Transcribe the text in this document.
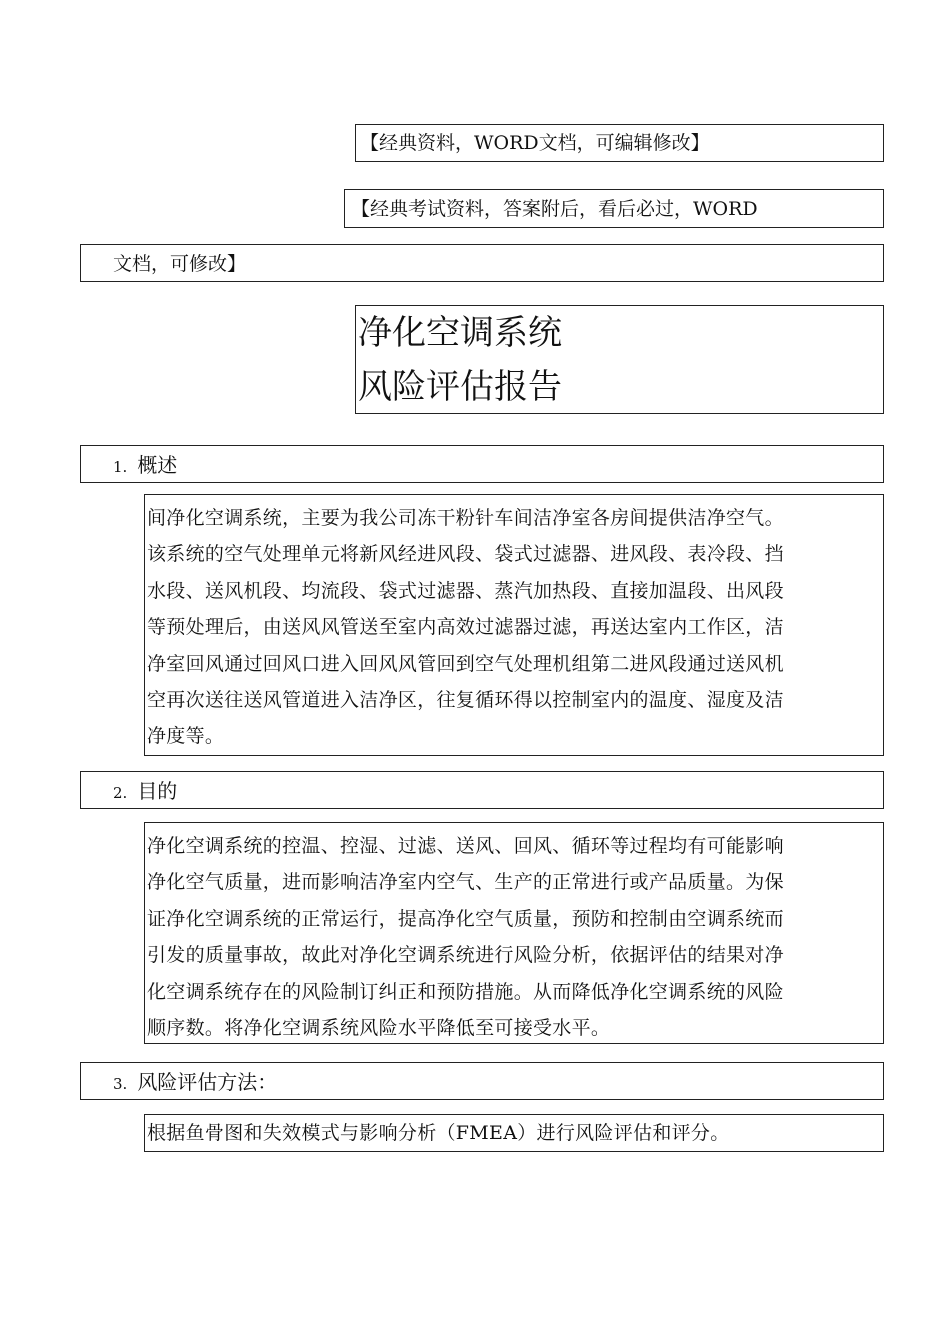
【经典资料，WORD文档，可编辑修改】
【经典考试资料，答案附后，看后必过，WORD
文档，可修改】
净化空调系统
风险评估报告
1. 概述
间净化空调系统，主要为我公司冻干粉针车间洁净室各房间提供洁净空气。
该系统的空气处理单元将新风经进风段、袋式过滤器、进风段、表冷段、挡
水段、送风机段、均流段、袋式过滤器、蒸汽加热段、直接加温段、出风段
等预处理后，由送风风管送至室内高效过滤器过滤，再送达室内工作区，洁
净室回风通过回风口进入回风风管回到空气处理机组第二进风段通过送风机
空再次送往送风管道进入洁净区，往复循环得以控制室内的温度、湿度及洁
净度等。
2. 目的
净化空调系统的控温、控湿、过滤、送风、回风、循环等过程均有可能影响
净化空气质量，进而影响洁净室内空气、生产的正常进行或产品质量。为保
证净化空调系统的正常运行，提高净化空气质量，预防和控制由空调系统而
引发的质量事故，故此对净化空调系统进行风险分析，依据评估的结果对净
化空调系统存在的风险制订纠正和预防措施。从而降低净化空调系统的风险
顺序数。将净化空调系统风险水平降低至可接受水平。
3. 风险评估方法：
根据鱼骨图和失效模式与影响分析（FMEA）进行风险评估和评分。
